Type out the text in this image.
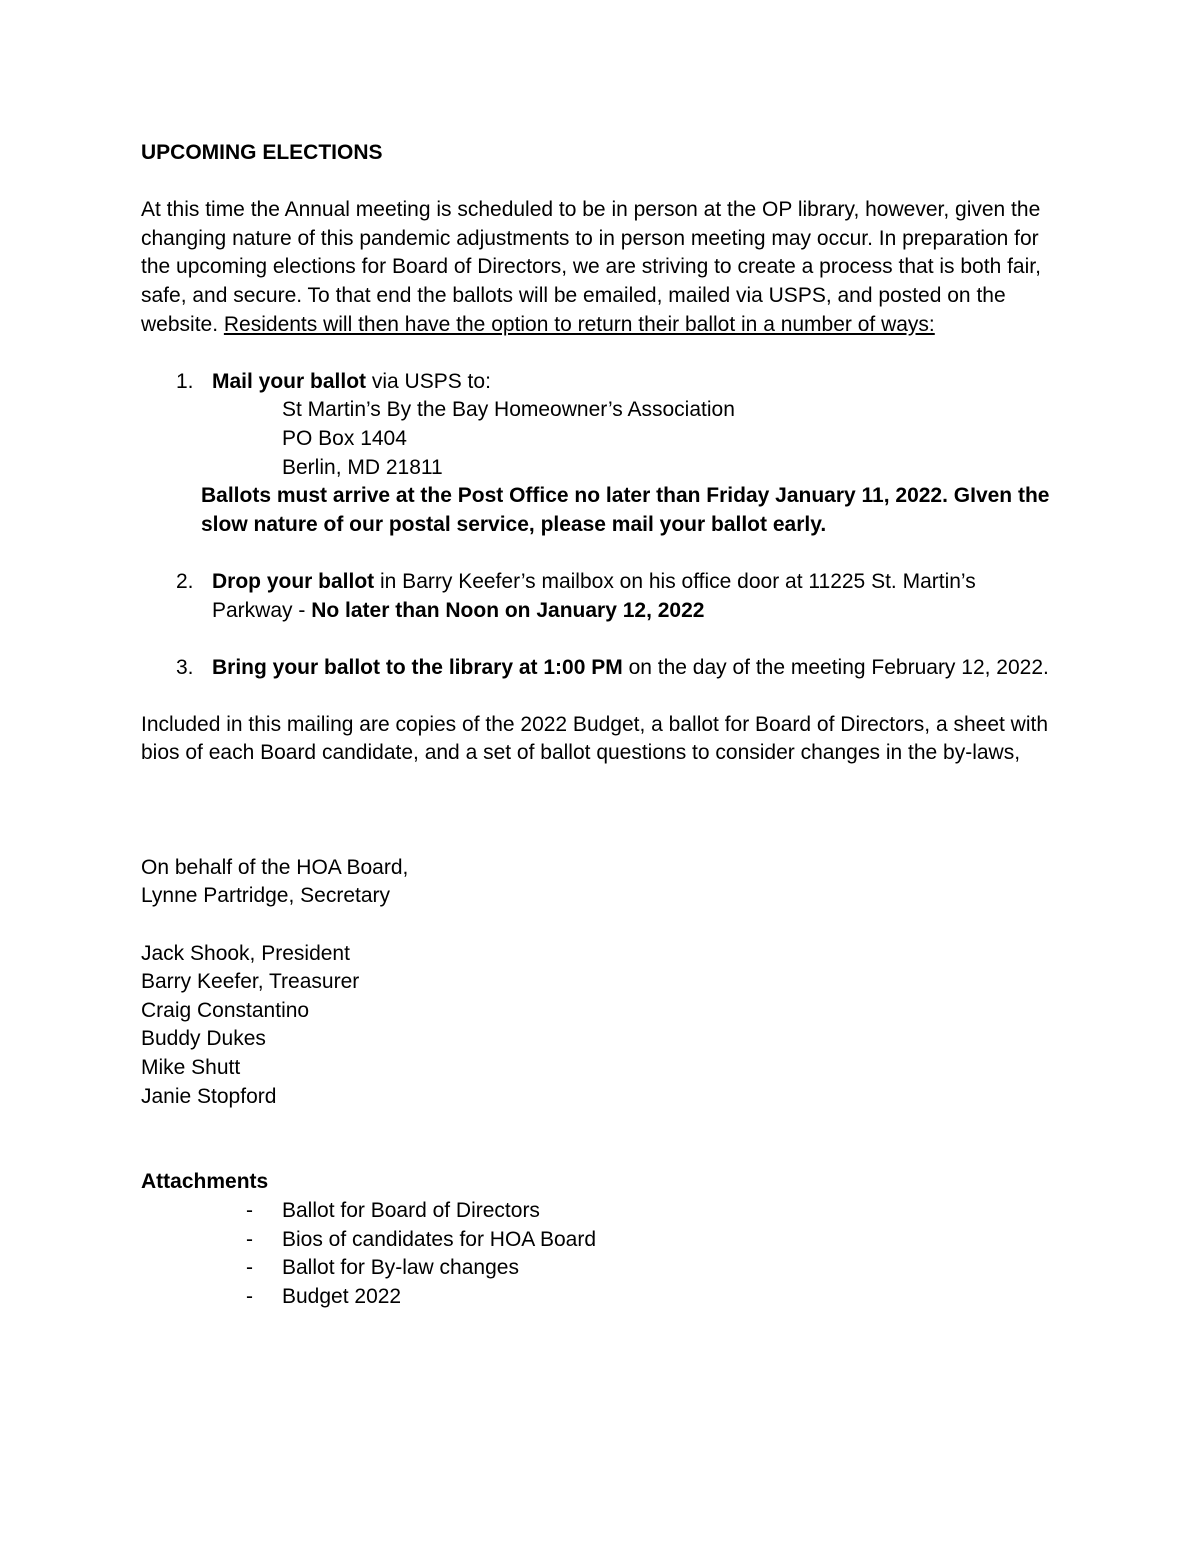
UPCOMING ELECTIONS

At this time the Annual meeting is scheduled to be in person at the OP library, however, given the changing nature of this pandemic adjustments to in person meeting may occur. In preparation for the upcoming elections for Board of Directors, we are striving to create a process that is both fair, safe, and secure. To that end the ballots will be emailed, mailed via USPS, and posted on the website. Residents will then have the option to return their ballot in a number of ways:

1. Mail your ballot via USPS to:

St Martin’s By the Bay Homeowner’s Association

PO Box 1404

Berlin, MD 21811

Ballots must arrive at the Post Office no later than Friday January 11, 2022. GIven the slow nature of our postal service, please mail your ballot early.

2. Drop your ballot in Barry Keefer’s mailbox on his office door at 11225 St. Martin’s Parkway - No later than Noon on January 12, 2022

3. Bring your ballot to the library at 1:00 PM on the day of the meeting February 12, 2022.

Included in this mailing are copies of the 2022 Budget, a ballot for Board of Directors, a sheet with bios of each Board candidate, and a set of ballot questions to consider changes in the by-laws,

On behalf of the HOA Board,

Lynne Partridge, Secretary

Jack Shook, President

Barry Keefer, Treasurer

Craig Constantino

Buddy Dukes

Mike Shutt

Janie Stopford

Attachments

- Ballot for Board of Directors
- Bios of candidates for HOA Board
- Ballot for By-law changes
- Budget 2022
